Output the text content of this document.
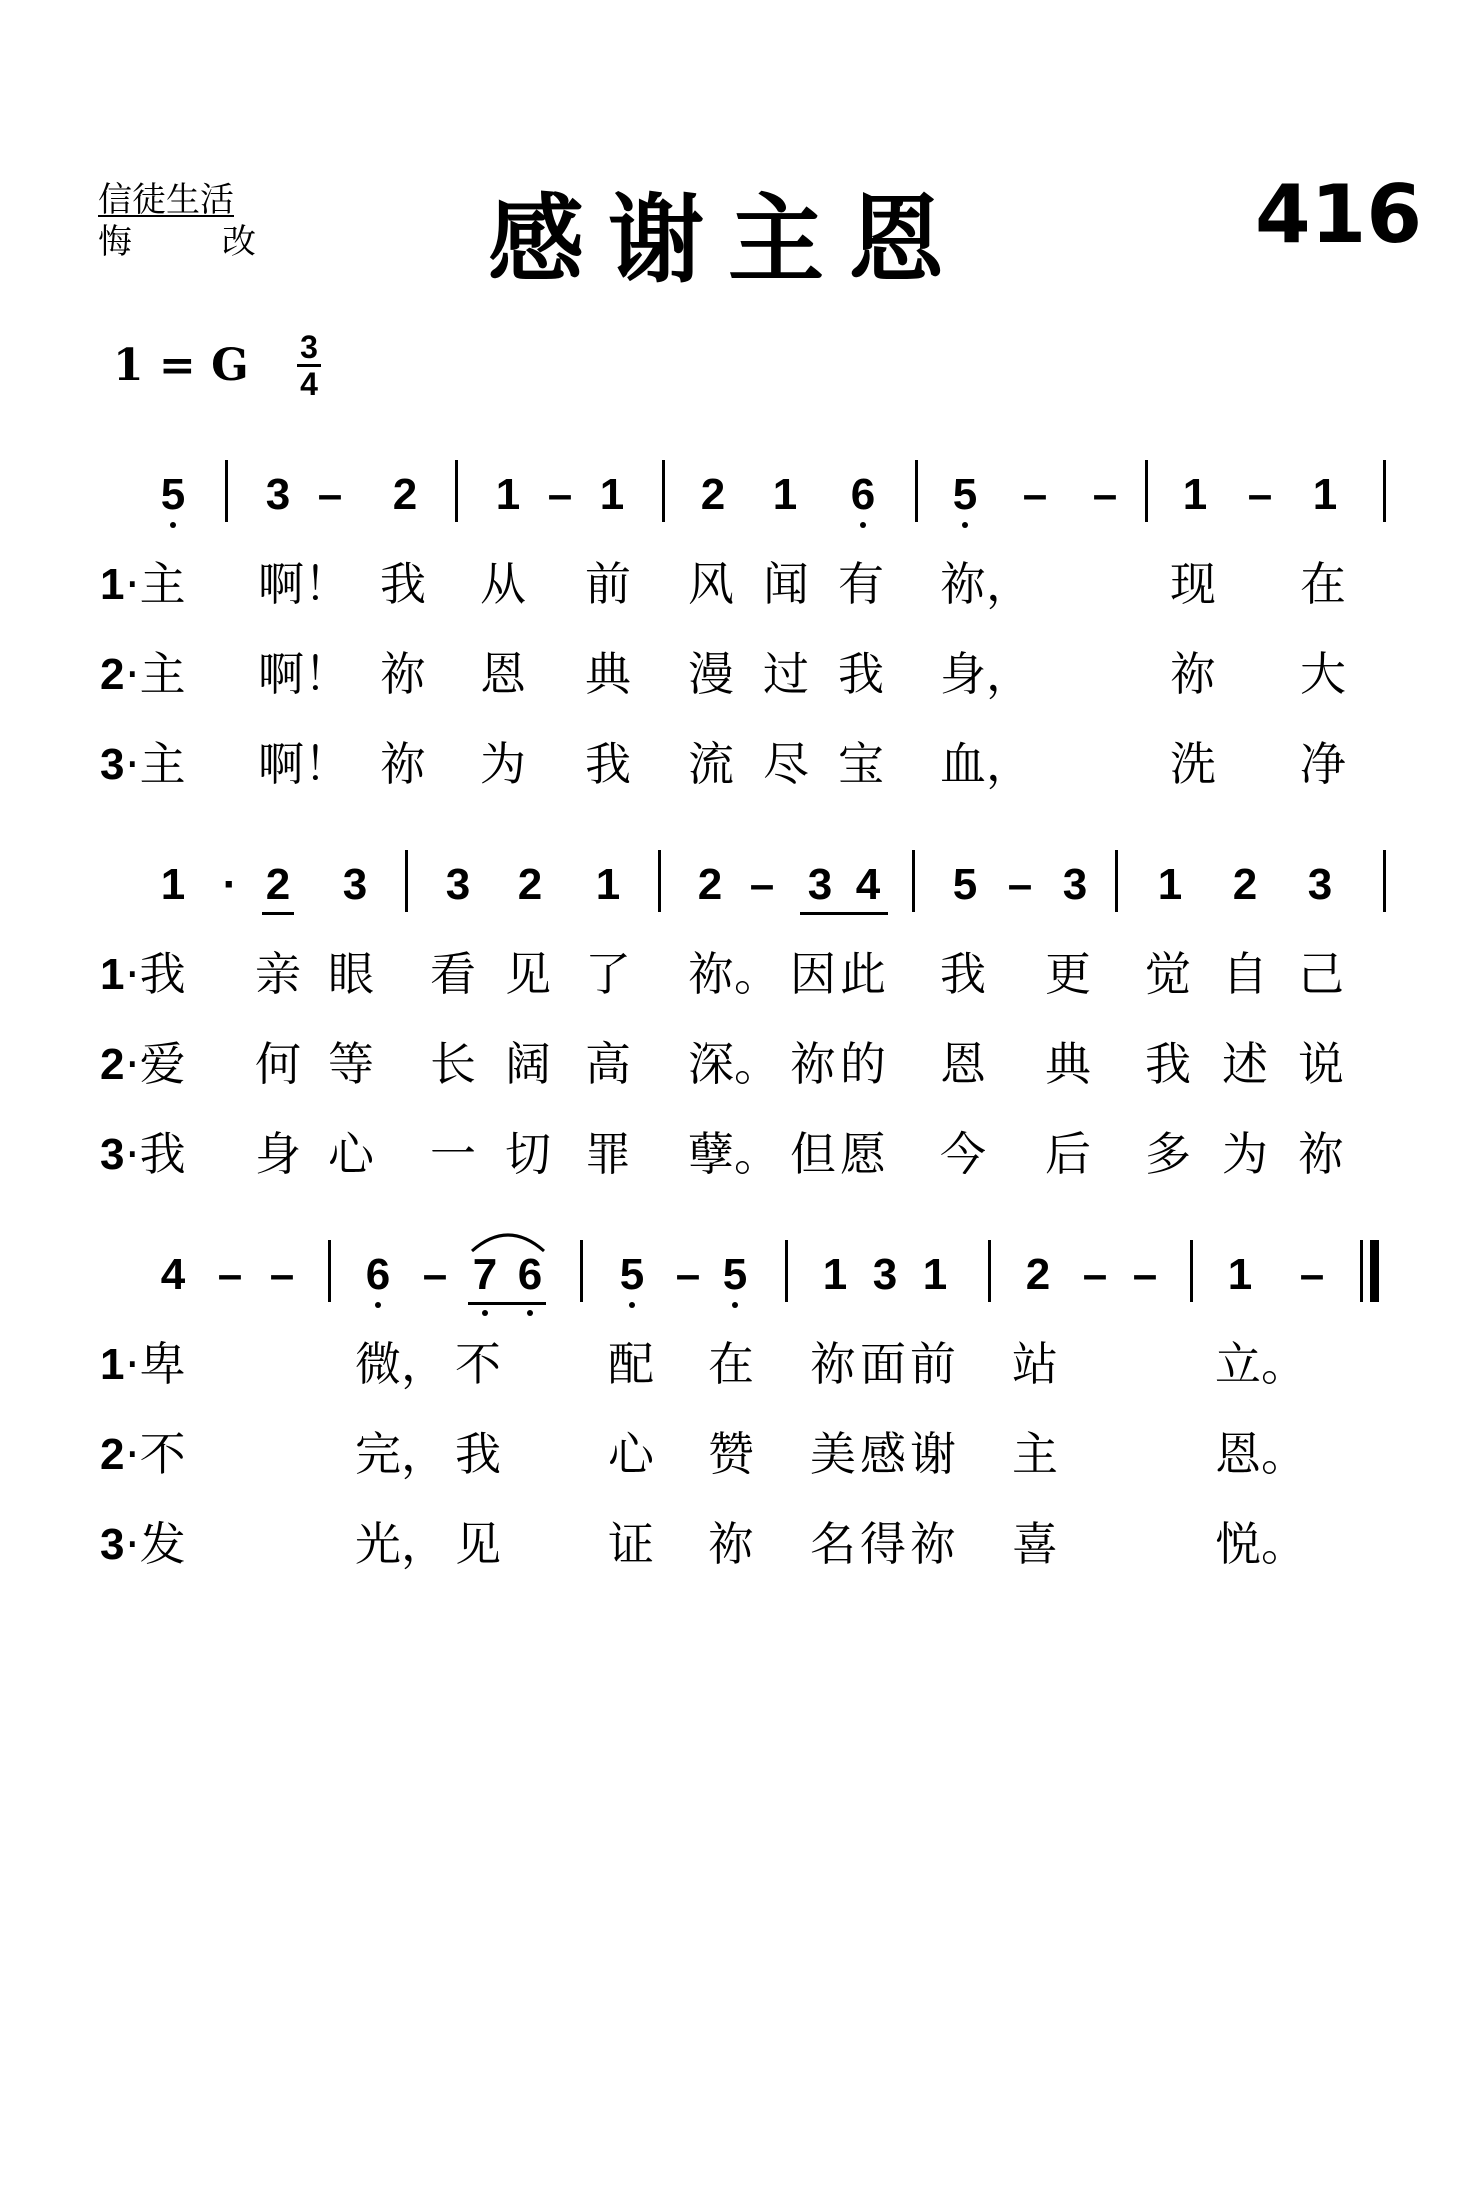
信徒生活
悔	改 感谢主恩	416
1 = G 3
4
5 3 – 2 1 – 1 2 1 6 5 – – 1 – 1
1 ·主 啊！ 我 从 前 风 闻 有 祢，	现 在
2 ·主 啊！ 祢 恩 典 漫 过 我 身，	祢 大
3 ·主 啊！ 祢 为 我 流 尽 宝 血，	洗 净
1 · 2 3 3 2 1 2 – 3 4 5 – 3 1 2 3
1 ·我 亲 眼 看 见 了 祢。 因 此 我 更 觉 自 己
2 ·爱 何 等 长 阔 高 深。 祢 的 恩 典 我 述 说
3 ·我 身 心 一 切 罪 孽。 但 愿 今 后 多 为 祢
4 – – 6 – 7 6 5 – 5 1 3 1 2 – – 1 –
1 ·卑	微， 不 配 在 祢 面 前 站	立。
2 ·不	完， 我 心 赞 美 感 谢 主	恩。
3 ·发	光， 见 证 祢 名 得 祢 喜	悦。
